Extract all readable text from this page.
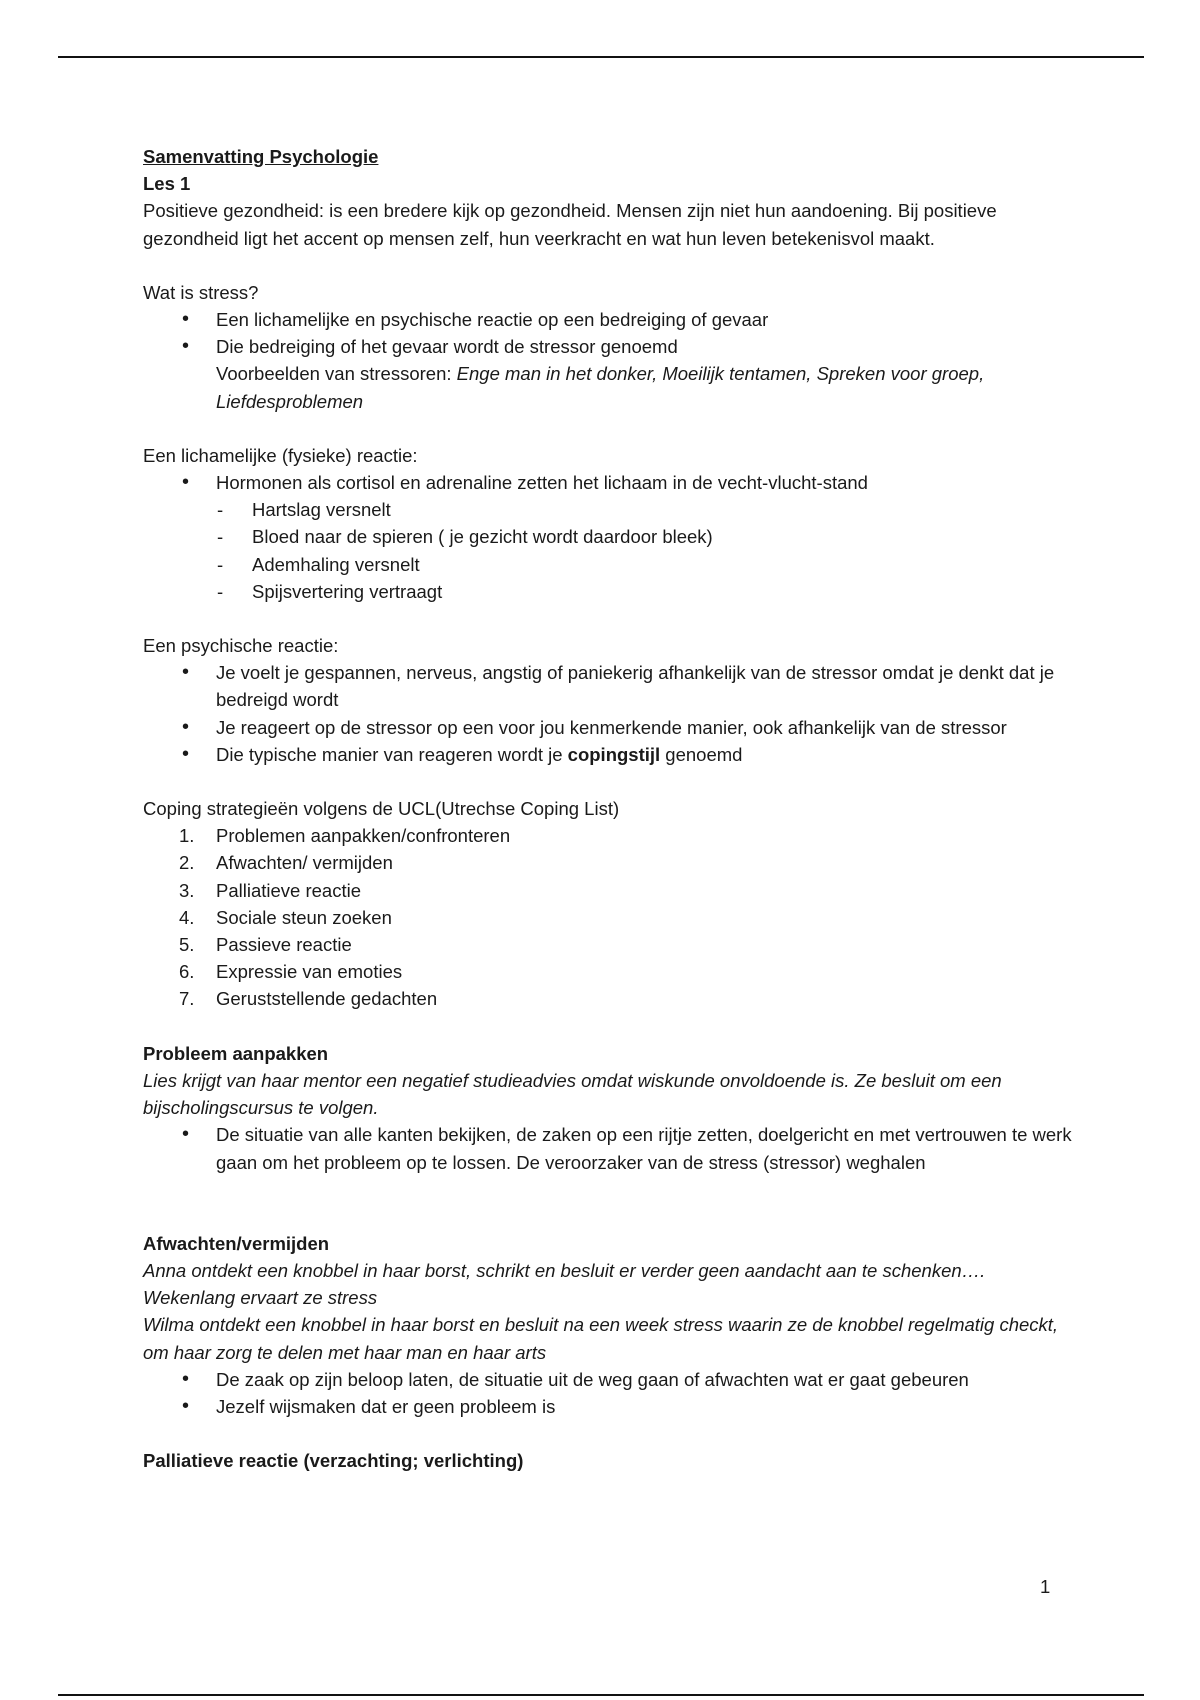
Samenvatting Psychologie

Les 1

Positieve gezondheid: is een bredere kijk op gezondheid. Mensen zijn niet hun aandoening. Bij positieve gezondheid ligt het accent op mensen zelf, hun veerkracht en wat hun leven betekenisvol maakt.

Wat is stress?

• Een lichamelijke en psychische reactie op een bedreiging of gevaar
• Die bedreiging of het gevaar wordt de stressor genoemd
Voorbeelden van stressoren: Enge man in het donker, Moeilijk tentamen, Spreken voor groep, Liefdesproblemen

Een lichamelijke (fysieke) reactie:

• Hormonen als cortisol en adrenaline zetten het lichaam in de vecht-vlucht-stand
- Hartslag versnelt
- Bloed naar de spieren ( je gezicht wordt daardoor bleek)
- Ademhaling versnelt
- Spijsvertering vertraagt

Een psychische reactie:

• Je voelt je gespannen, nerveus, angstig of paniekerig afhankelijk van de stressor omdat je denkt dat je bedreigd wordt
• Je reageert op de stressor op een voor jou kenmerkende manier, ook afhankelijk van de stressor
• Die typische manier van reageren wordt je copingstijl genoemd

Coping strategieën volgens de UCL(Utrechse Coping List)

1. Problemen aanpakken/confronteren
2. Afwachten/ vermijden
3. Palliatieve reactie
4. Sociale steun zoeken
5. Passieve reactie
6. Expressie van emoties
7. Geruststellende gedachten

Probleem aanpakken

Lies krijgt van haar mentor een negatief studieadvies omdat wiskunde onvoldoende is. Ze besluit om een bijscholingscursus te volgen.

• De situatie van alle kanten bekijken, de zaken op een rijtje zetten, doelgericht en met vertrouwen te werk gaan om het probleem op te lossen. De veroorzaker van de stress (stressor) weghalen

Afwachten/vermijden

Anna ontdekt een knobbel in haar borst, schrikt en besluit er verder geen aandacht aan te schenken…. Wekenlang ervaart ze stress

Wilma ontdekt een knobbel in haar borst en besluit na een week stress waarin ze de knobbel regelmatig checkt, om haar zorg te delen met haar man en haar arts

• De zaak op zijn beloop laten, de situatie uit de weg gaan of afwachten wat er gaat gebeuren
• Jezelf wijsmaken dat er geen probleem is

Palliatieve reactie (verzachting; verlichting)

1
